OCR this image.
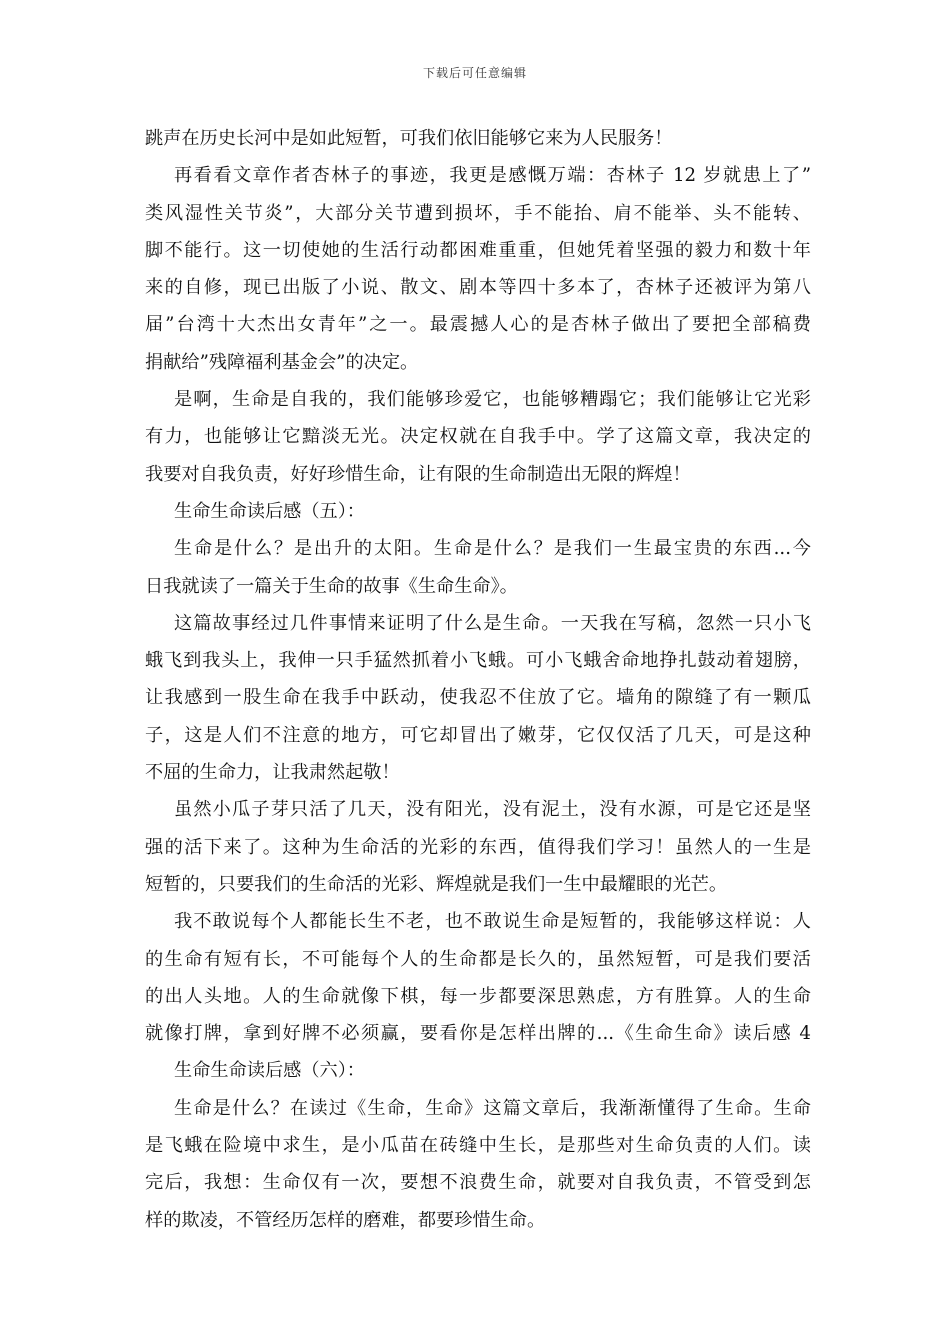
下载后可任意编辑
跳声在历史长河中是如此短暂，可我们依旧能够它来为人民服务！
再看看文章作者杏林子的事迹，我更是感慨万端：杏林子 12 岁就患上了”
类风湿性关节炎”，大部分关节遭到损坏，手不能抬、肩不能举、头不能转、
脚不能行。这一切使她的生活行动都困难重重，但她凭着坚强的毅力和数十年
来的自修，现已出版了小说、散文、剧本等四十多本了，杏林子还被评为第八
届”台湾十大杰出女青年”之一。最震撼人心的是杏林子做出了要把全部稿费
捐献给”残障福利基金会”的决定。
是啊，生命是自我的，我们能够珍爱它，也能够糟蹋它；我们能够让它光彩
有力，也能够让它黯淡无光。决定权就在自我手中。学了这篇文章，我决定的
我要对自我负责，好好珍惜生命，让有限的生命制造出无限的辉煌！
生命生命读后感（五）：
生命是什么？是出升的太阳。生命是什么？是我们一生最宝贵的东西...今
日我就读了一篇关于生命的故事《生命生命》。
这篇故事经过几件事情来证明了什么是生命。一天我在写稿，忽然一只小飞
蛾飞到我头上，我伸一只手猛然抓着小飞蛾。可小飞蛾舍命地挣扎鼓动着翅膀，
让我感到一股生命在我手中跃动，使我忍不住放了它。墙角的隙缝了有一颗瓜
子，这是人们不注意的地方，可它却冒出了嫩芽，它仅仅活了几天，可是这种
不屈的生命力，让我肃然起敬！
虽然小瓜子芽只活了几天，没有阳光，没有泥土，没有水源，可是它还是坚
强的活下来了。这种为生命活的光彩的东西，值得我们学习！虽然人的一生是
短暂的，只要我们的生命活的光彩、辉煌就是我们一生中最耀眼的光芒。
我不敢说每个人都能长生不老，也不敢说生命是短暂的，我能够这样说：人
的生命有短有长，不可能每个人的生命都是长久的，虽然短暂，可是我们要活
的出人头地。人的生命就像下棋，每一步都要深思熟虑，方有胜算。人的生命
就像打牌，拿到好牌不必须赢，要看你是怎样出牌的...《生命生命》读后感 4
生命生命读后感（六）：
生命是什么？在读过《生命，生命》这篇文章后，我渐渐懂得了生命。生命
是飞蛾在险境中求生，是小瓜苗在砖缝中生长，是那些对生命负责的人们。读
完后，我想：生命仅有一次，要想不浪费生命，就要对自我负责，不管受到怎
样的欺凌，不管经历怎样的磨难，都要珍惜生命。
